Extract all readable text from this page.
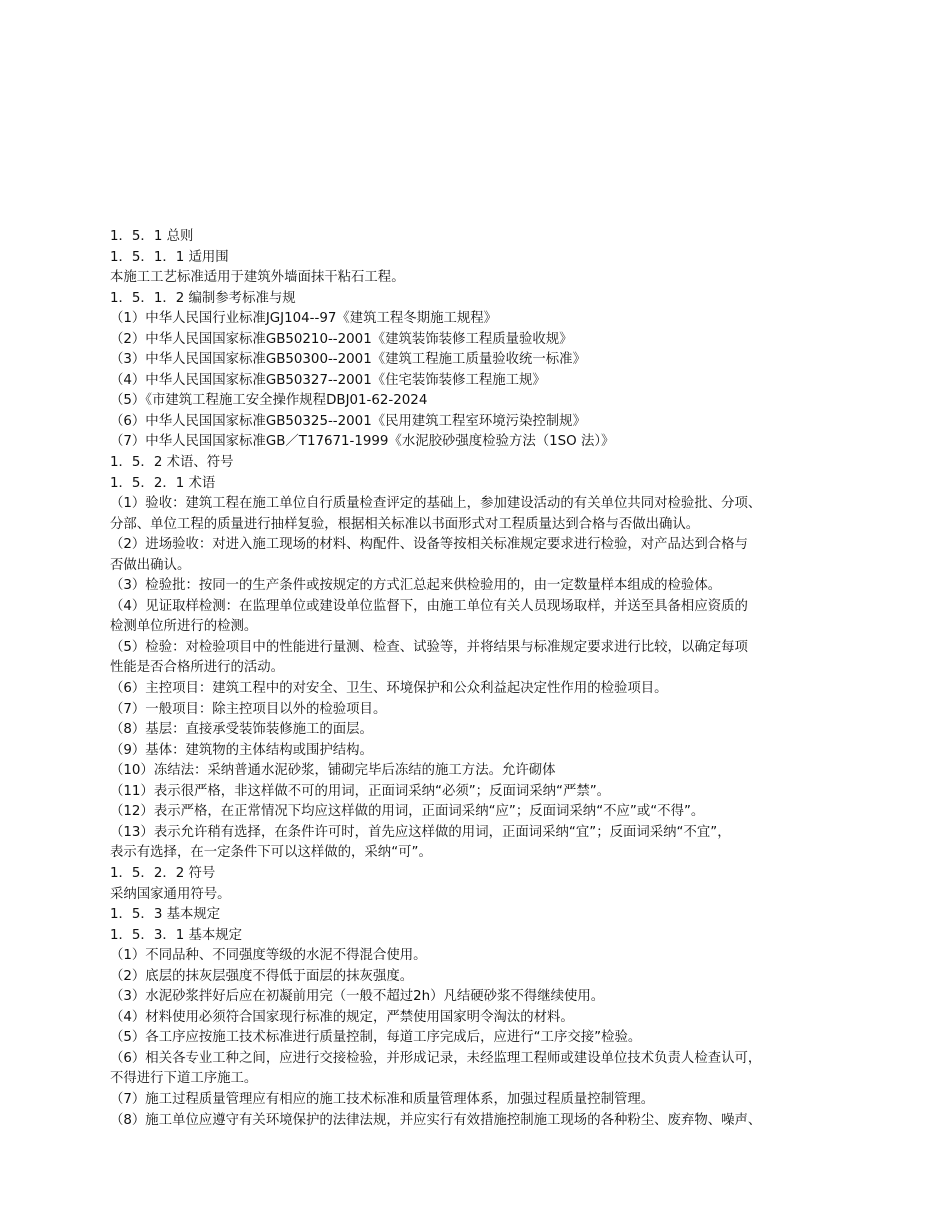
1．5．1 总则
1．5．1．1 适用围
本施工工艺标准适用于建筑外墙面抹干粘石工程。
1．5．1．2 编制参考标准与规
（1）中华人民国行业标准JGJ104--97《建筑工程冬期施工规程》
（2）中华人民国国家标准GB50210--2001《建筑装饰装修工程质量验收规》
（3）中华人民国国家标准GB50300--2001《建筑工程施工质量验收统一标准》
（4）中华人民国国家标准GB50327--2001《住宅装饰装修工程施工规》
（5）《市建筑工程施工安全操作规程DBJ01-62-2024
（6）中华人民国国家标准GB50325--2001《民用建筑工程室环境污染控制规》
（7）中华人民国国家标准GB／T17671-1999《水泥胶砂强度检验方法（1SO 法）》
1．5．2 术语、符号
1．5．2．1 术语
（1）验收：建筑工程在施工单位自行质量检查评定的基础上，参加建设活动的有关单位共同对检验批、分项、
分部、单位工程的质量进行抽样复验，根据相关标准以书面形式对工程质量达到合格与否做出确认。
（2）进场验收：对进入施工现场的材料、构配件、设备等按相关标准规定要求进行检验，对产品达到合格与
否做出确认。
（3）检验批：按同一的生产条件或按规定的方式汇总起来供检验用的，由一定数量样本组成的检验体。
（4）见证取样检测：在监理单位或建设单位监督下，由施工单位有关人员现场取样，并送至具备相应资质的
检测单位所进行的检测。
（5）检验：对检验项目中的性能进行量测、检查、试验等，并将结果与标准规定要求进行比较，以确定每项
性能是否合格所进行的活动。
（6）主控项目：建筑工程中的对安全、卫生、环境保护和公众利益起决定性作用的检验项目。
（7）一般项目：除主控项目以外的检验项目。
（8）基层：直接承受装饰装修施工的面层。
（9）基体：建筑物的主体结构或围护结构。
（10）冻结法：采纳普通水泥砂浆，铺砌完毕后冻结的施工方法。允许砌体
（11）表示很严格，非这样做不可的用词，正面词采纳“必须”；反面词采纳“严禁”。
（12）表示严格，在正常情况下均应这样做的用词，正面词采纳“应”；反面词采纳“不应”或“不得”。
（13）表示允许稍有选择，在条件许可时，首先应这样做的用词，正面词采纳“宜”；反面词采纳“不宜”，
表示有选择，在一定条件下可以这样做的，采纳“可”。
1．5．2．2 符号
采纳国家通用符号。
1．5．3 基本规定
1．5．3．1 基本规定
（1）不同品种、不同强度等级的水泥不得混合使用。
（2）底层的抹灰层强度不得低于面层的抹灰强度。
（3）水泥砂浆拌好后应在初凝前用完（一般不超过2h）凡结硬砂浆不得继续使用。
（4）材料使用必须符合国家现行标准的规定，严禁使用国家明令淘汰的材料。
（5）各工序应按施工技术标准进行质量控制，每道工序完成后，应进行“工序交接”检验。
（6）相关各专业工种之间，应进行交接检验，并形成记录，未经监理工程师或建设单位技术负责人检查认可，
不得进行下道工序施工。
（7）施工过程质量管理应有相应的施工技术标准和质量管理体系，加强过程质量控制管理。
（8）施工单位应遵守有关环境保护的法律法规，并应实行有效措施控制施工现场的各种粉尘、废弃物、噪声、
